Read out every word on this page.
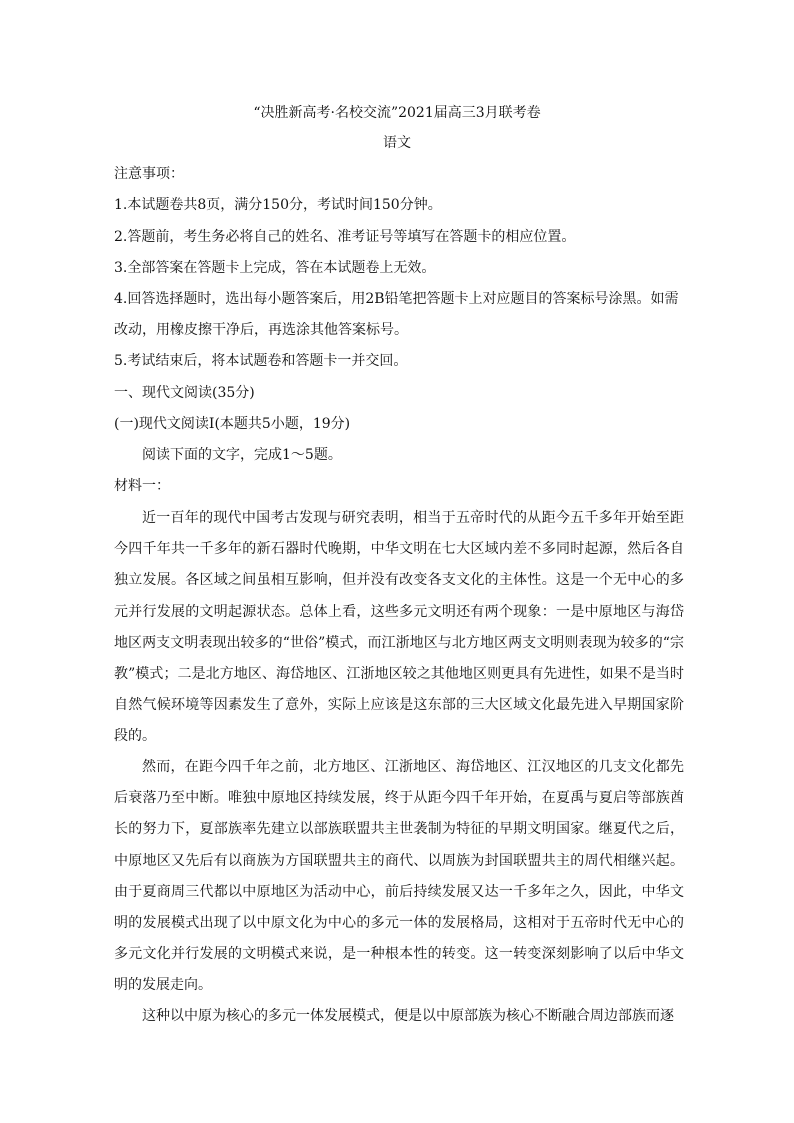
“决胜新高考·名校交流”2021届高三3月联考卷
语文
注意事项：
1.本试题卷共8页，满分150分，考试时间150分钟。
2.答题前，考生务必将自己的姓名、准考证号等填写在答题卡的相应位置。
3.全部答案在答题卡上完成，答在本试题卷上无效。
4.回答选择题时，选出每小题答案后，用2B铅笔把答题卡上对应题目的答案标号涂黑。如需
改动，用橡皮擦干净后，再选涂其他答案标号。
5.考试结束后，将本试题卷和答题卡一并交回。
一、现代文阅读(35分)
(一)现代文阅读I(本题共5小题，19分)
阅读下面的文字，完成1～5题。
材料一：
近一百年的现代中国考古发现与研究表明，相当于五帝时代的从距今五千多年开始至距今四千年共一千多年的新石器时代晚期，中华文明在七大区域内差不多同时起源，然后各自独立发展。各区域之间虽相互影响，但并没有改变各支文化的主体性。这是一个无中心的多元并行发展的文明起源状态。总体上看，这些多元文明还有两个现象：一是中原地区与海岱地区两支文明表现出较多的“世俗”模式，而江浙地区与北方地区两支文明则表现为较多的“宗教”模式；二是北方地区、海岱地区、江浙地区较之其他地区则更具有先进性，如果不是当时自然气候环境等因素发生了意外，实际上应该是这东部的三大区域文化最先进入早期国家阶段的。
然而，在距今四千年之前，北方地区、江浙地区、海岱地区、江汉地区的几支文化都先后衰落乃至中断。唯独中原地区持续发展，终于从距今四千年开始，在夏禹与夏启等部族酋长的努力下，夏部族率先建立以部族联盟共主世袭制为特征的早期文明国家。继夏代之后，中原地区又先后有以商族为方国联盟共主的商代、以周族为封国联盟共主的周代相继兴起。由于夏商周三代都以中原地区为活动中心，前后持续发展又达一千多年之久，因此，中华文明的发展模式出现了以中原文化为中心的多元一体的发展格局，这相对于五帝时代无中心的多元文化并行发展的文明模式来说，是一种根本性的转变。这一转变深刻影响了以后中华文明的发展走向。
这种以中原为核心的多元一体发展模式，便是以中原部族为核心不断融合周边部族而逐
